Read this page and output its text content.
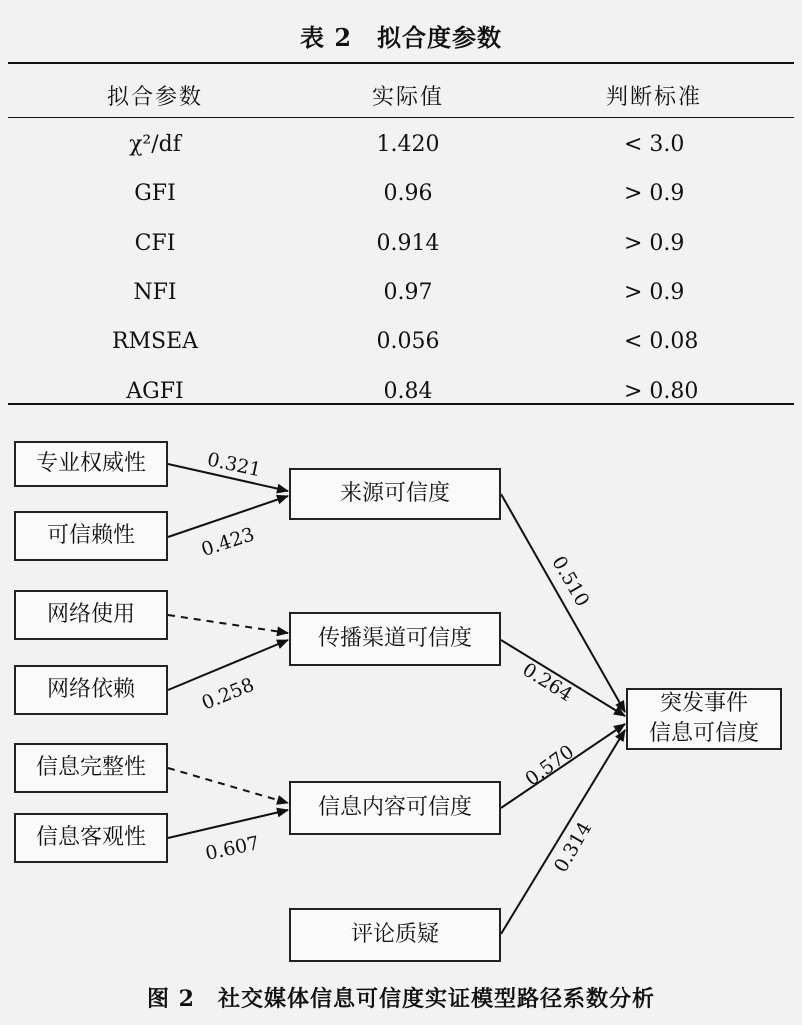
表 2　拟合度参数
拟合参数	实际值	判断标准
χ²/df	1.420	< 3.0
GFI	0.96	> 0.9
CFI	0.914	> 0.9
NFI	0.97	> 0.9
RMSEA	0.056	< 0.08
AGFI	0.84	> 0.80
0.321
0.423
0.258
0.607
0.510
0.264
0.570
0.314
专业权威性
可信赖性
网络使用
网络依赖
信息完整性
信息客观性
来源可信度
传播渠道可信度
信息内容可信度
评论质疑
突发事件
信息可信度
图 2　社交媒体信息可信度实证模型路径系数分析
